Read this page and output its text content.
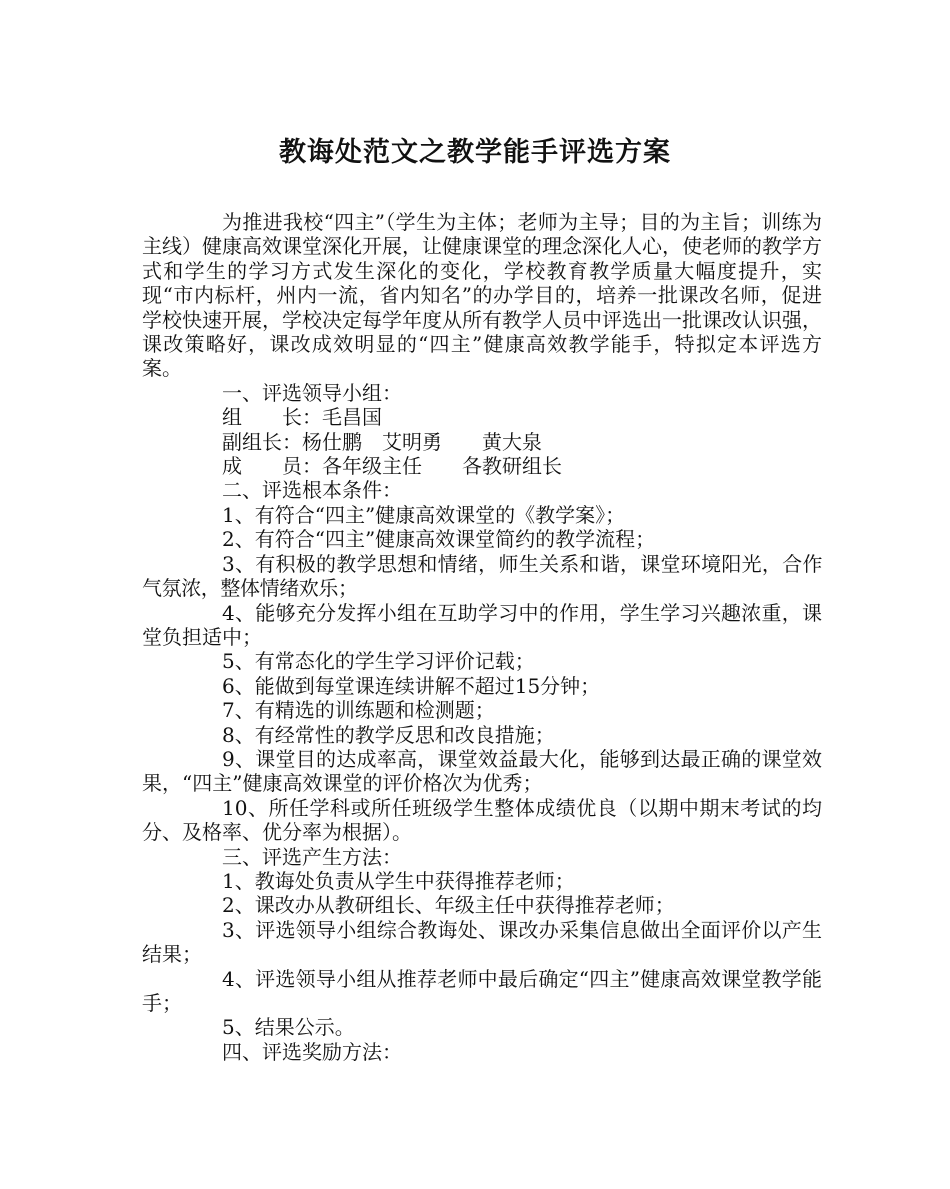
教诲处范文之教学能手评选方案

为推进我校“四主”（学生为主体；老师为主导；目的为主旨；训练为主线）健康高效课堂深化开展，让健康课堂的理念深化人心，使老师的教学方式和学生的学习方式发生深化的变化，学校教育教学质量大幅度提升，实现“市内标杆，州内一流，省内知名”的办学目的，培养一批课改名师，促进学校快速开展，学校决定每学年度从所有教学人员中评选出一批课改认识强，课改策略好，课改成效明显的“四主”健康高效教学能手，特拟定本评选方案。

一、评选领导小组：

组　　长：毛昌国

副组长：杨仕鹏　艾明勇　　黄大泉

成　　员：各年级主任　　各教研组长

二、评选根本条件：

1、有符合“四主”健康高效课堂的《教学案》；

2、有符合“四主”健康高效课堂简约的教学流程；

3、有积极的教学思想和情绪，师生关系和谐，课堂环境阳光，合作气氛浓，整体情绪欢乐；

4、能够充分发挥小组在互助学习中的作用，学生学习兴趣浓重，课堂负担适中；

5、有常态化的学生学习评价记载；

6、能做到每堂课连续讲解不超过15分钟；

7、有精选的训练题和检测题；

8、有经常性的教学反思和改良措施；

9、课堂目的达成率高，课堂效益最大化，能够到达最正确的课堂效果，“四主”健康高效课堂的评价格次为优秀；

10、所任学科或所任班级学生整体成绩优良（以期中期末考试的均分、及格率、优分率为根据）。

三、评选产生方法：

1、教诲处负责从学生中获得推荐老师；

2、课改办从教研组长、年级主任中获得推荐老师；

3、评选领导小组综合教诲处、课改办采集信息做出全面评价以产生结果；

4、评选领导小组从推荐老师中最后确定“四主”健康高效课堂教学能手；

5、结果公示。

四、评选奖励方法：
